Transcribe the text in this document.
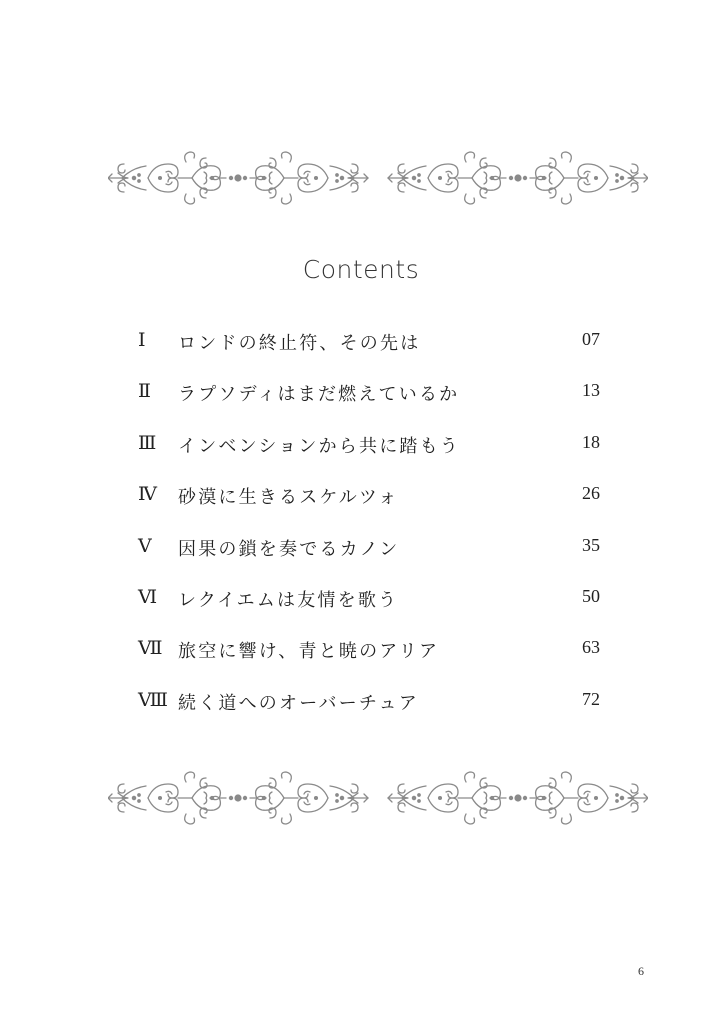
Contents
Ⅰ	ロンドの終止符、その先は	07
Ⅱ	ラプソディはまだ燃えているか	13
Ⅲ	インベンションから共に踏もう	18
Ⅳ	砂漠に生きるスケルツォ	26
Ⅴ	因果の鎖を奏でるカノン	35
Ⅵ	レクイエムは友情を歌う	50
Ⅶ 旅空に響け、青と暁のアリア	63
Ⅷ 続く道へのオーバーチュア	72
6
